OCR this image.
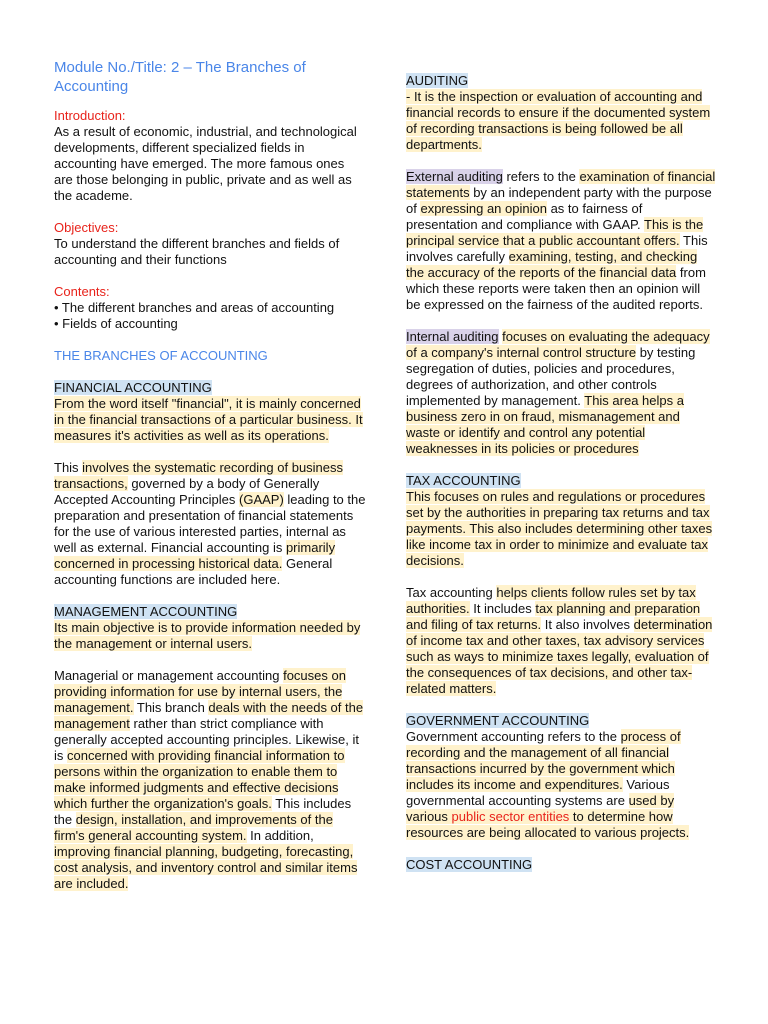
Module No./Title: 2 – The Branches of Accounting

Introduction:

As a result of economic, industrial, and technological developments, different specialized fields in accounting have emerged. The more famous ones are those belonging in public, private and as well as the academe.

Objectives:

To understand the different branches and fields of accounting and their functions

Contents:

• The different branches and areas of accounting

• Fields of accounting

THE BRANCHES OF ACCOUNTING

FINANCIAL ACCOUNTING

From the word itself "financial", it is mainly concerned in the financial transactions of a particular business. It measures it's activities as well as its operations.

This involves the systematic recording of business transactions, governed by a body of Generally Accepted Accounting Principles (GAAP) leading to the preparation and presentation of financial statements for the use of various interested parties, internal as well as external. Financial accounting is primarily concerned in processing historical data. General accounting functions are included here.

MANAGEMENT ACCOUNTING

Its main objective is to provide information needed by the management or internal users.

Managerial or management accounting focuses on providing information for use by internal users, the management. This branch deals with the needs of the management rather than strict compliance with generally accepted accounting principles. Likewise, it is concerned with providing financial information to persons within the organization to enable them to make informed judgments and effective decisions which further the organization's goals. This includes the design, installation, and improvements of the firm's general accounting system. In addition, improving financial planning, budgeting, forecasting, cost analysis, and inventory control and similar items are included.

AUDITING

- It is the inspection or evaluation of accounting and financial records to ensure if the documented system of recording transactions is being followed be all departments.

External auditing refers to the examination of financial statements by an independent party with the purpose of expressing an opinion as to fairness of presentation and compliance with GAAP. This is the principal service that a public accountant offers. This involves carefully examining, testing, and checking the accuracy of the reports of the financial data from which these reports were taken then an opinion will be expressed on the fairness of the audited reports.

Internal auditing focuses on evaluating the adequacy of a company's internal control structure by testing segregation of duties, policies and procedures, degrees of authorization, and other controls implemented by management. This area helps a business zero in on fraud, mismanagement and waste or identify and control any potential weaknesses in its policies or procedures

TAX ACCOUNTING

This focuses on rules and regulations or procedures set by the authorities in preparing tax returns and tax payments. This also includes determining other taxes like income tax in order to minimize and evaluate tax decisions.

Tax accounting helps clients follow rules set by tax authorities. It includes tax planning and preparation and filing of tax returns. It also involves determination of income tax and other taxes, tax advisory services such as ways to minimize taxes legally, evaluation of the consequences of tax decisions, and other tax-related matters.

GOVERNMENT ACCOUNTING

Government accounting refers to the process of recording and the management of all financial transactions incurred by the government which includes its income and expenditures. Various governmental accounting systems are used by various public sector entities to determine how resources are being allocated to various projects.

COST ACCOUNTING
